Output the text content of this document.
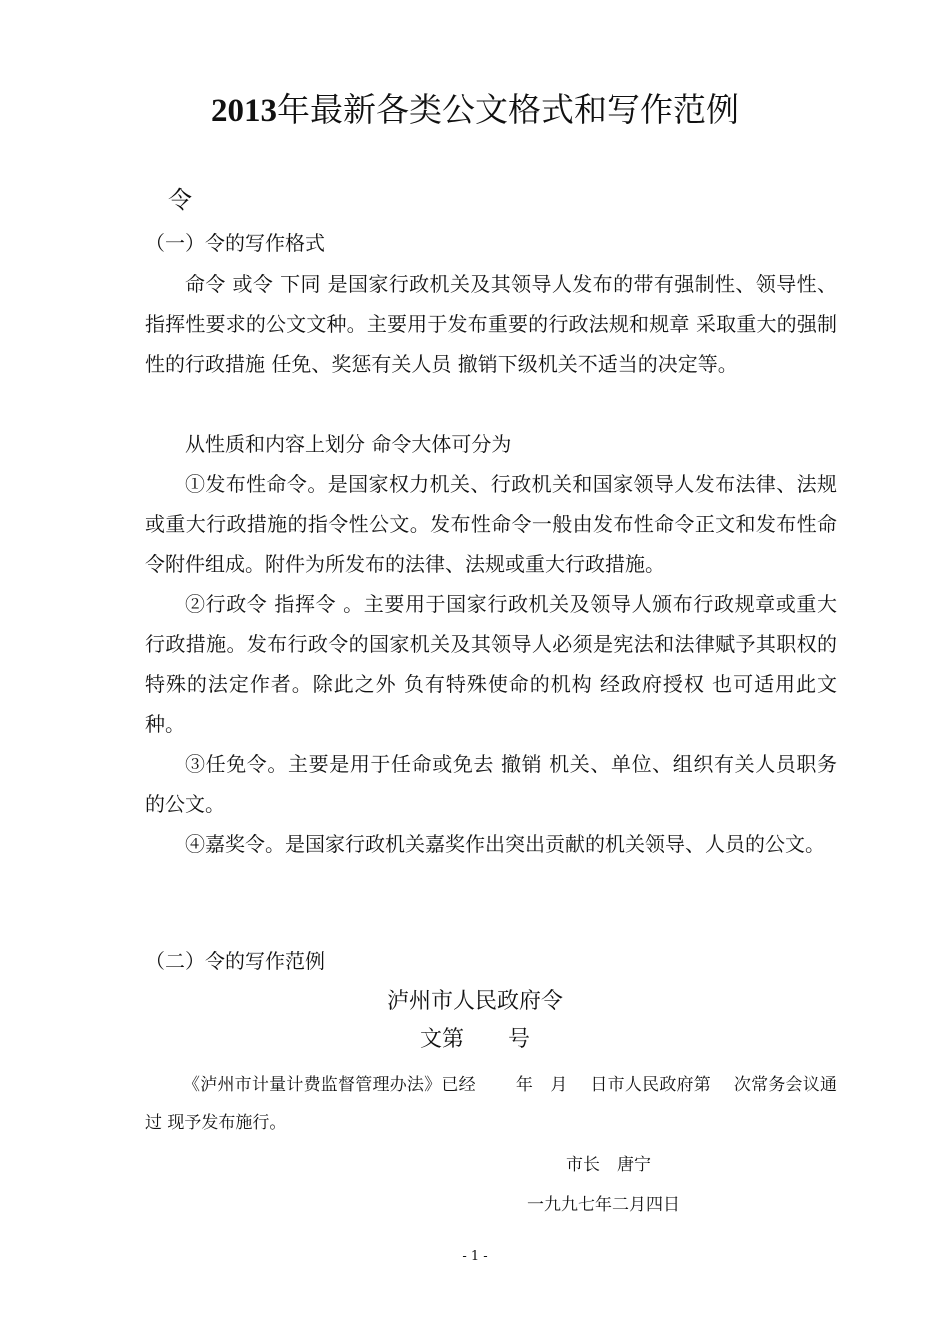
2013年最新各类公文格式和写作范例
令
（一）令的写作格式

命令 或令 下同 是国家行政机关及其领导人发布的带有强制性、领导性、指挥性要求的公文文种。主要用于发布重要的行政法规和规章 采取重大的强制性的行政措施 任免、奖惩有关人员 撤销下级机关不适当的决定等。

从性质和内容上划分 命令大体可分为

①发布性命令。是国家权力机关、行政机关和国家领导人发布法律、法规或重大行政措施的指令性公文。发布性命令一般由发布性命令正文和发布性命令附件组成。附件为所发布的法律、法规或重大行政措施。

②行政令 指挥令 。主要用于国家行政机关及领导人颁布行政规章或重大行政措施。发布行政令的国家机关及其领导人必须是宪法和法律赋予其职权的特殊的法定作者。除此之外 负有特殊使命的机构 经政府授权 也可适用此文种。

③任免令。主要是用于任命或免去 撤销 机关、单位、组织有关人员职务的公文。

④嘉奖令。是国家行政机关嘉奖作出突出贡献的机关领导、人员的公文。

（二）令的写作范例
泸州市人民政府令
文第　　号

《泸州市计量计费监督管理办法》已经　　 年　月　 日市人民政府第　 次常务会议通过 现予发布施行。

市长　唐宁
一九九七年二月四日
- 1 -
